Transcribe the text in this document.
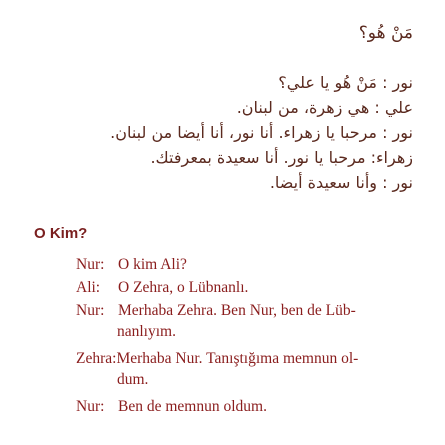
مَنْ هُو؟
نور : مَنْ هُو يا علي؟
علي : هي زهرة، من لبنان.
نور : مرحبا يا زهراء. أنا نور، أنا أيضا من لبنان.
زهراء: مرحبا يا نور. أنا سعيدة بمعرفتك.
نور : وأنا سعيدة أيضا.
O Kim?
Nur: O kim Ali?
Ali: O Zehra, o Lübnanlı.
Nur: Merhaba Zehra. Ben Nur, ben de Lüb-
nanlıyım.
Zehra:Merhaba Nur. Tanıştığıma memnun ol-
dum.
Nur: Ben de memnun oldum.
